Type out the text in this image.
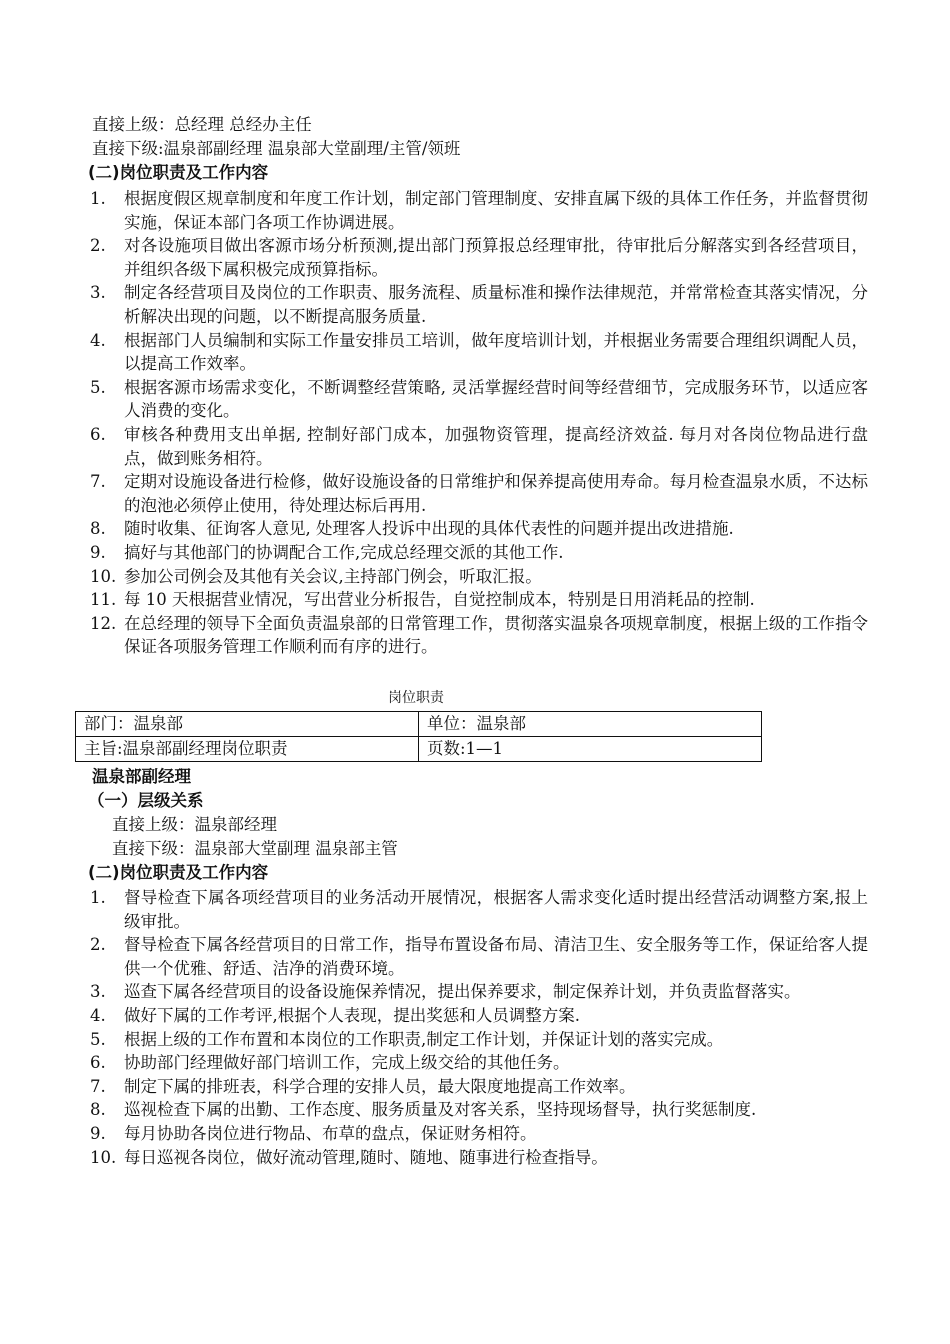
直接上级：总经理 总经办主任
直接下级:温泉部副经理 温泉部大堂副理/主管/领班
(二)岗位职责及工作内容
1. 根据度假区规章制度和年度工作计划，制定部门管理制度、安排直属下级的具体工作任务，并监督贯彻实施，保证本部门各项工作协调进展。
2. 对各设施项目做出客源市场分析预测,提出部门预算报总经理审批，待审批后分解落实到各经营项目，并组织各级下属积极完成预算指标。
3. 制定各经营项目及岗位的工作职责、服务流程、质量标准和操作法律规范，并常常检查其落实情况，分析解决出现的问题，以不断提高服务质量.
4. 根据部门人员编制和实际工作量安排员工培训，做年度培训计划，并根据业务需要合理组织调配人员，以提高工作效率。
5. 根据客源市场需求变化，不断调整经营策略, 灵活掌握经营时间等经营细节，完成服务环节，以适应客人消费的变化。
6. 审核各种费用支出单据, 控制好部门成本，加强物资管理，提高经济效益. 每月对各岗位物品进行盘点，做到账务相符。
7. 定期对设施设备进行检修，做好设施设备的日常维护和保养提高使用寿命。每月检查温泉水质，不达标的泡池必须停止使用，待处理达标后再用.
8. 随时收集、征询客人意见, 处理客人投诉中出现的具体代表性的问题并提出改进措施.
9. 搞好与其他部门的协调配合工作,完成总经理交派的其他工作.
10. 参加公司例会及其他有关会议,主持部门例会，听取汇报。
11. 每 10 天根据营业情况，写出营业分析报告，自觉控制成本，特别是日用消耗品的控制.
12. 在总经理的领导下全面负责温泉部的日常管理工作，贯彻落实温泉各项规章制度，根据上级的工作指令保证各项服务管理工作顺利而有序的进行。
岗位职责
部门：温泉部	单位：温泉部
主旨:温泉部副经理岗位职责	页数:1—1
温泉部副经理
（一）层级关系
直接上级：温泉部经理
直接下级：温泉部大堂副理 温泉部主管
(二)岗位职责及工作内容
1. 督导检查下属各项经营项目的业务活动开展情况，根据客人需求变化适时提出经营活动调整方案,报上级审批。
2. 督导检查下属各经营项目的日常工作，指导布置设备布局、清洁卫生、安全服务等工作，保证给客人提供一个优雅、舒适、洁净的消费环境。
3. 巡查下属各经营项目的设备设施保养情况，提出保养要求，制定保养计划，并负责监督落实。
4. 做好下属的工作考评,根据个人表现，提出奖惩和人员调整方案.
5. 根据上级的工作布置和本岗位的工作职责,制定工作计划，并保证计划的落实完成。
6. 协助部门经理做好部门培训工作，完成上级交给的其他任务。
7. 制定下属的排班表，科学合理的安排人员，最大限度地提高工作效率。
8. 巡视检查下属的出勤、工作态度、服务质量及对客关系，坚持现场督导，执行奖惩制度.
9. 每月协助各岗位进行物品、布草的盘点，保证财务相符。
10. 每日巡视各岗位，做好流动管理,随时、随地、随事进行检查指导。
